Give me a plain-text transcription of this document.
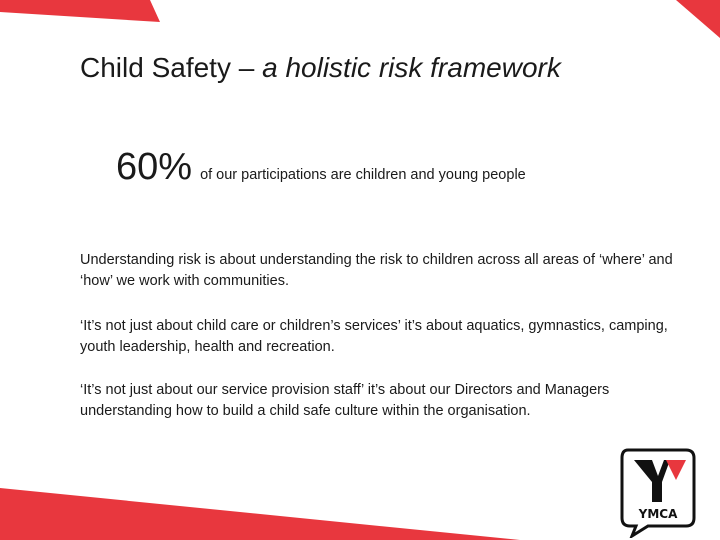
Child Safety – a holistic risk framework
60% of our participations are children and young people

Understanding risk is about understanding the risk to children across all areas of ‘where’ and ‘how’ we work with communities.

‘It’s not just about child care or children’s services’ it’s about aquatics, gymnastics, camping, youth leadership, health and recreation.

‘It’s not just about our service provision staff’ it’s about our Directors and Managers understanding how to build a child safe culture within the organisation.

YMCA
